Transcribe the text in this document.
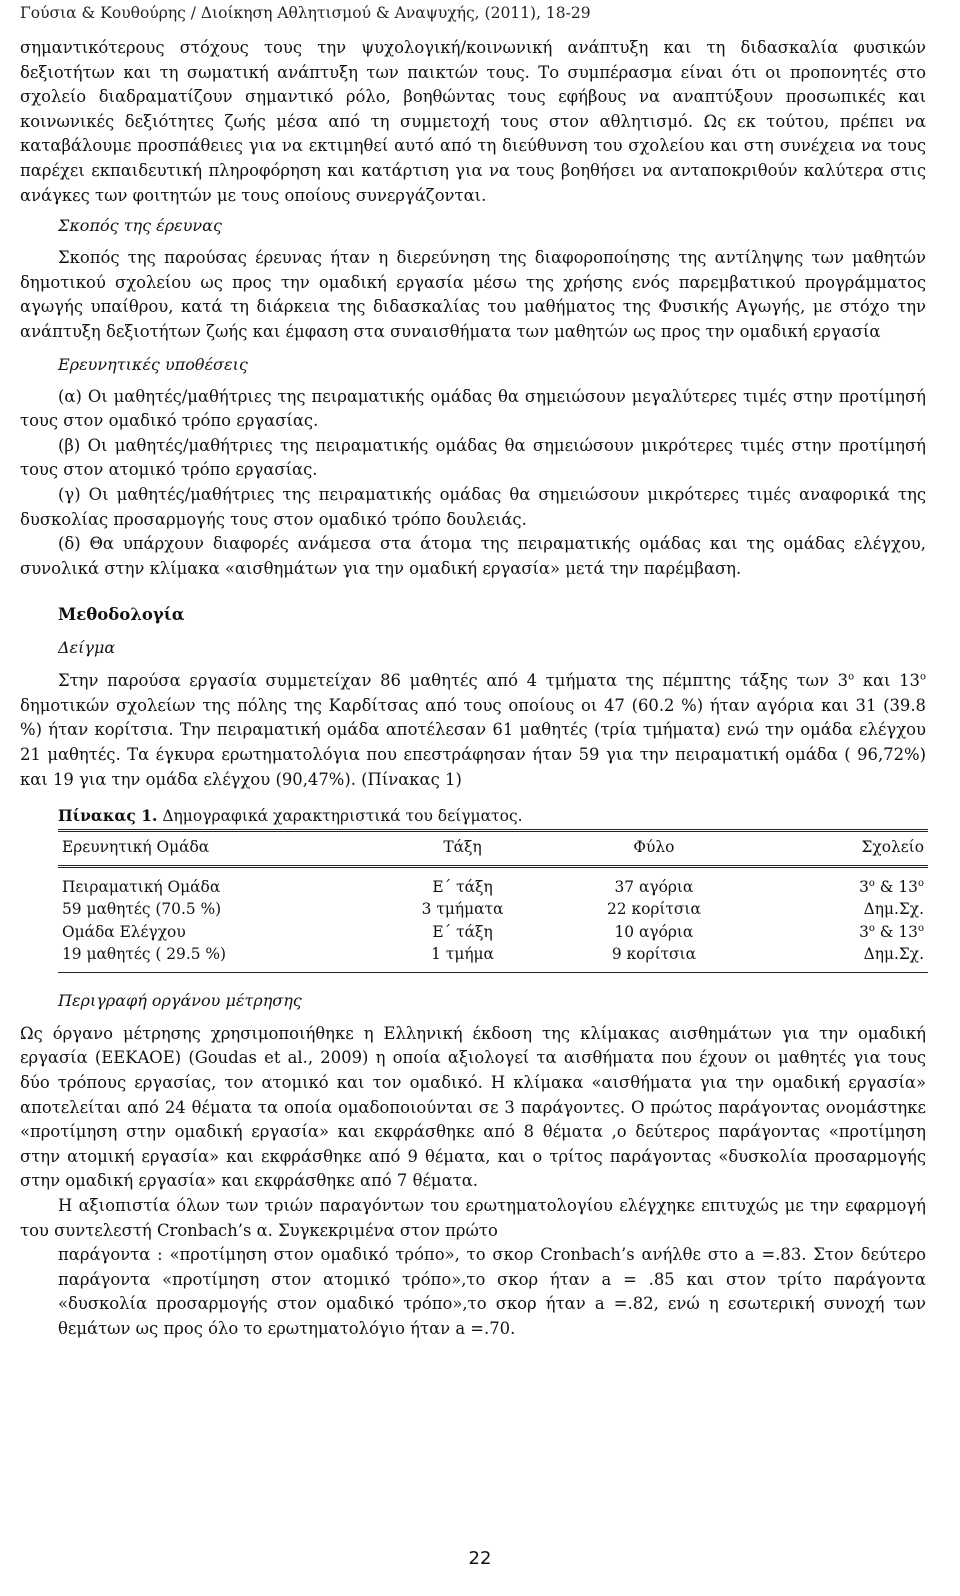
Γούσια & Κουθούρης / Διοίκηση Αθλητισμού & Αναψυχής, (2011), 18-29

σημαντικότερους στόχους τους την ψυχολογική/κοινωνική ανάπτυξη και τη διδασκαλία φυσικών δεξιοτήτων και τη σωματική ανάπτυξη των παικτών τους. Το συμπέρασμα είναι ότι οι προπονητές στο σχολείο διαδραματίζουν σημαντικό ρόλο, βοηθώντας τους εφήβους να αναπτύξουν προσωπικές και κοινωνικές δεξιότητες ζωής μέσα από τη συμμετοχή τους στον αθλητισμό. Ως εκ τούτου, πρέπει να καταβάλουμε προσπάθειες για να εκτιμηθεί αυτό από τη διεύθυνση του σχολείου και στη συνέχεια να τους παρέχει εκπαιδευτική πληροφόρηση και κατάρτιση για να τους βοηθήσει να ανταποκριθούν καλύτερα στις ανάγκες των φοιτητών με τους οποίους συνεργάζονται.

Σκοπός της έρευνας

Σκοπός της παρούσας έρευνας ήταν η διερεύνηση της διαφοροποίησης της αντίληψης των μαθητών δημοτικού σχολείου ως προς την ομαδική εργασία μέσω της χρήσης ενός παρεμβατικού προγράμματος αγωγής υπαίθρου, κατά τη διάρκεια της διδασκαλίας του μαθήματος της Φυσικής Αγωγής, με στόχο την ανάπτυξη δεξιοτήτων ζωής και έμφαση στα συναισθήματα των μαθητών ως προς την ομαδική εργασία

Ερευνητικές υποθέσεις

(α) Οι μαθητές/μαθήτριες της πειραματικής ομάδας θα σημειώσουν μεγαλύτερες τιμές στην προτίμησή τους στον ομαδικό τρόπο εργασίας.

(β) Οι μαθητές/μαθήτριες της πειραματικής ομάδας θα σημειώσουν μικρότερες τιμές στην προτίμησή τους στον ατομικό τρόπο εργασίας.

(γ) Οι μαθητές/μαθήτριες της πειραματικής ομάδας θα σημειώσουν μικρότερες τιμές αναφορικά της δυσκολίας προσαρμογής τους στον ομαδικό τρόπο δουλειάς.

(δ) Θα υπάρχουν διαφορές ανάμεσα στα άτομα της πειραματικής ομάδας και της ομάδας ελέγχου, συνολικά στην κλίμακα «αισθημάτων για την ομαδική εργασία» μετά την παρέμβαση.

Μεθοδολογία

Δείγμα

Στην παρούσα εργασία συμμετείχαν 86 μαθητές από 4 τμήματα της πέμπτης τάξης των $3^o$ και $13^o$ δημοτικών σχολείων της πόλης της Καρδίτσας από τους οποίους οι 47 (60.2 %) ήταν αγόρια και 31 (39.8 %) ήταν κορίτσια. Την πειραματική ομάδα αποτέλεσαν 61 μαθητές (τρία τμήματα) ενώ την ομάδα ελέγχου 21 μαθητές. Τα έγκυρα ερωτηματολόγια που επεστράφησαν ήταν 59 για την πειραματική ομάδα ( 96,72%) και 19 για την ομάδα ελέγχου (90,47%). (Πίνακας 1)

Πίνακας 1. Δημογραφικά χαρακτηριστικά του δείγματος.

Ερευνητική Ομάδα	Τάξη	Φύλο	Σχολείο
Πειραματική Ομάδα	Ε΄ τάξη	37 αγόρια	$3^o$ & $13^o$
59 μαθητές (70.5 %)	3 τμήματα	22 κορίτσια	Δημ.Σχ.
Ομάδα Ελέγχου	Ε΄ τάξη	10 αγόρια	$3^o$ & $13^o$
19 μαθητές ( 29.5 %)	1 τμήμα	9 κορίτσια	Δημ.Σχ.

Περιγραφή οργάνου μέτρησης

Ως όργανο μέτρησης χρησιμοποιήθηκε η Ελληνική έκδοση της κλίμακας αισθημάτων για την ομαδική εργασία (ΕΕΚΑΟΕ) (Goudas et al., 2009) η οποία αξιολογεί τα αισθήματα που έχουν οι μαθητές για τους δύο τρόπους εργασίας, τον ατομικό και τον ομαδικό. Η κλίμακα «αισθήματα για την ομαδική εργασία» αποτελείται από 24 θέματα τα οποία ομαδοποιούνται σε 3 παράγοντες. Ο πρώτος παράγοντας ονομάστηκε «προτίμηση στην ομαδική εργασία» και εκφράσθηκε από 8 θέματα ,ο δεύτερος παράγοντας «προτίμηση στην ατομική εργασία» και εκφράσθηκε από 9 θέματα, και ο τρίτος παράγοντας «δυσκολία προσαρμογής στην ομαδική εργασία» και εκφράσθηκε από 7 θέματα.

Η αξιοπιστία όλων των τριών παραγόντων του ερωτηματολογίου ελέγχηκε επιτυχώς με την εφαρμογή του συντελεστή Cronbach’s α. Συγκεκριμένα στον πρώτο

παράγοντα : «προτίμηση στον ομαδικό τρόπο», το σκορ Cronbach’s ανήλθε στο a =.83. Στον δεύτερο παράγοντα «προτίμηση στον ατομικό τρόπο»,το σκορ ήταν a = .85 και στον τρίτο παράγοντα «δυσκολία προσαρμογής στον ομαδικό τρόπο»,το σκορ ήταν a =.82, ενώ η εσωτερική συνοχή των θεμάτων ως προς όλο το ερωτηματολόγιο ήταν a =.70.

22
